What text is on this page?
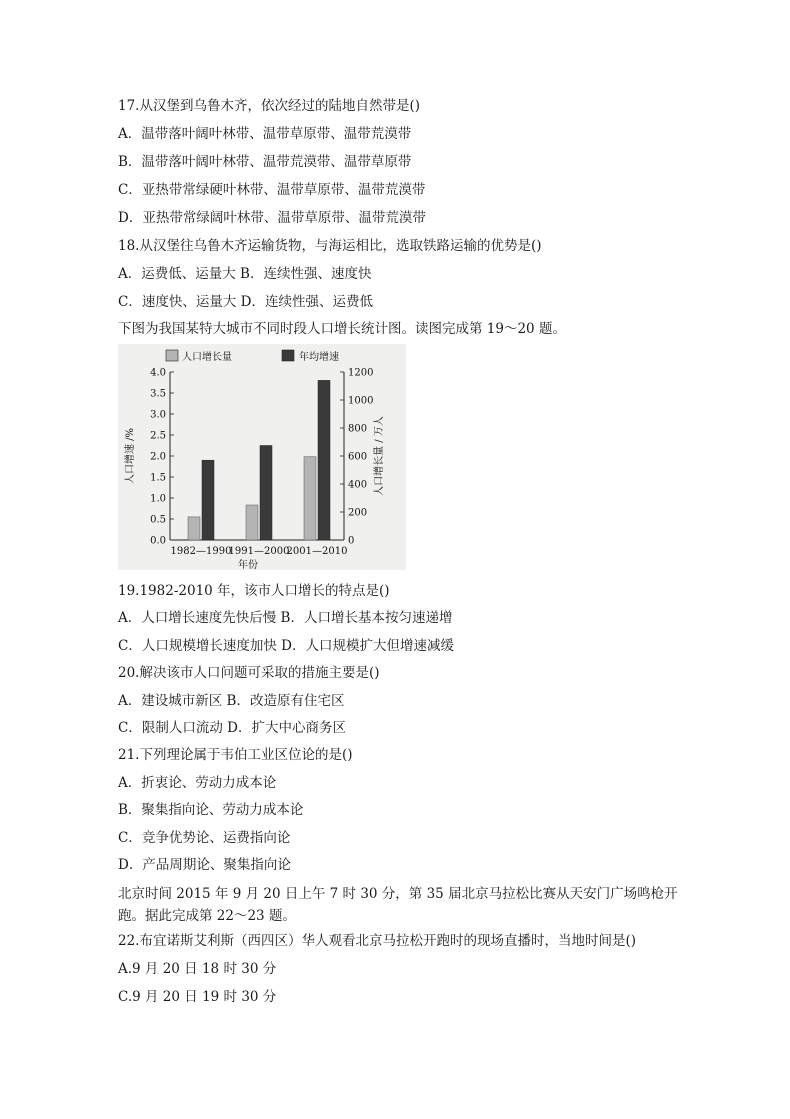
17.从汉堡到乌鲁木齐，依次经过的陆地自然带是()
A．温带落叶阔叶林带、温带草原带、温带荒漠带
B．温带落叶阔叶林带、温带荒漠带、温带草原带
C．亚热带常绿硬叶林带、温带草原带、温带荒漠带
D．亚热带常绿阔叶林带、温带草原带、温带荒漠带
18.从汉堡往乌鲁木齐运输货物，与海运相比，选取铁路运输的优势是()
A．运费低、运量大 B．连续性强、速度快
C．速度快、运量大 D．连续性强、运费低
下图为我国某特大城市不同时段人口增长统计图。读图完成第 19～20 题。
人口增长量	年均增速
0.0
0.5
1.0
1.5
2.0
2.5
3.0
3.5
4.0
0
200
400
600
800
1000
1200
1982—1990
1991—2000
2001—2010
人口增速 /%	人口增长量 / 万人
年份
19.1982-2010 年，该市人口增长的特点是()
A．人口增长速度先快后慢 B．人口增长基本按匀速递增
C．人口规模增长速度加快 D．人口规模扩大但增速减缓
20.解决该市人口问题可采取的措施主要是()
A．建设城市新区 B．改造原有住宅区
C．限制人口流动 D．扩大中心商务区
21.下列理论属于韦伯工业区位论的是()
A．折衷论、劳动力成本论
B．聚集指向论、劳动力成本论
C．竞争优势论、运费指向论
D．产品周期论、聚集指向论
北京时间 2015 年 9 月 20 日上午 7 时 30 分，第 35 届北京马拉松比赛从天安门广场鸣枪开跑。据此完成第 22～23 题。
22.布宜诺斯艾利斯（西四区）华人观看北京马拉松开跑时的现场直播时，当地时间是()
A.9 月 20 日 18 时 30 分
C.9 月 20 日 19 时 30 分
